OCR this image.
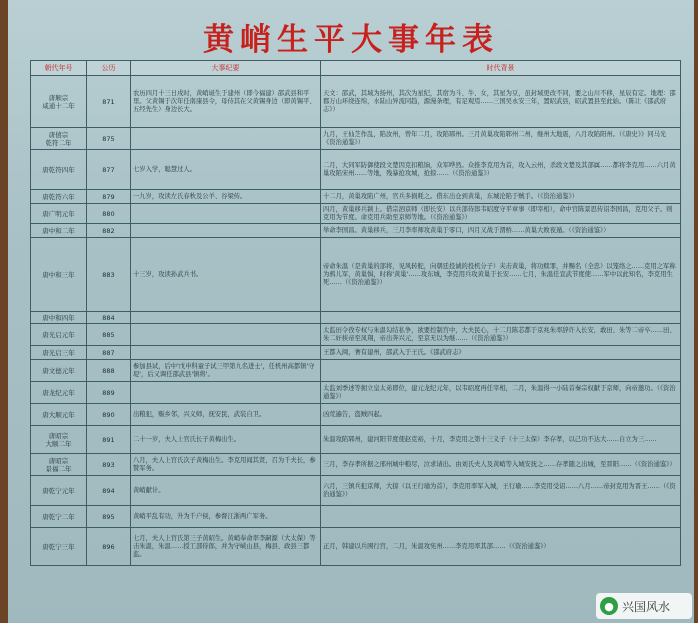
黄峭生平大事年表
朝代年号	公历	大事纪要	时代背景
唐顺宗
咸通十二年	871	农历四月十三日戌时，黄峭诞生于建州（即今福建）邵武县和平里。父黄锡于次年任南康县令，母侍其在父黄锡身边（即黄锡平、五经先生）身边长大。	天文：邵武，其域为扬州，其次为星纪，其宿为斗、牛、女，其星为豆，虽封域更改不同，要之山川不移，星辰有定。地理：邵郡万山环绕连绵，水陆山异流同趋，源漫条理，有足观焉……三国吴永安三年，置昭武县，昭武置县至此始。（陈让《邵武府志》）
唐僖宗
乾符二年	875		九月，王仙芝作乱，陷汝州，曾年二月，攻陷郓州。三月黄巢攻陷郓州二州，继州大地震，八月攻陷阳州。（《唐史》》同马光《资治通鉴》）
唐乾符四年	877	七岁入学，聪慧过人。	二月，大同军防御使段文楚因克扣粮饷，众军哗然。众推李克用为首，攻入云州，杀段文楚及其部属……都将李克用……六月黄巢攻陷宋州……等地，残暴抢攻城，抢掠……（《资治通鉴》）
唐乾符六年	879	一九岁，攻读左氏春秋及公羊、谷梁传。	十二月，黄巢攻陷广州，官兵多损耗之。借东出仓到黄巢，东城沦陷于贼手。（《资治通鉴》）
唐广明元年	880		四月，黄巢移兵颍上。借宗泗京师（即长安）以兵部侍郎韦昭度守平章事（即宰相），命中官陈景思传诏李国昌，克用父子。则克用为节度。命克用兵助至京师等地。（《资治通鉴》）
唐中和二年	882		举命李国昌。黄巢移兵，三月李率师攻黄巢于零口，四月又战于渭桥……黄巢大败夜遁。（《资治通鉴》）
唐中和三年	883	十三岁，攻读孙武兵书。	帝命朱温（是黄巢的部将，见风转舵，向朝廷投诚的投机分子）夹击黄巢，将功赎罪，并赐名（全忠）以笼络之……克用之军称为鸦儿军，黄巢惧，时称'黄巢'……攻东城，李克用兵攻黄巢于长安……七月，朱温任宣武节度使……军中以此知名，李克用生死……（《资治通鉴》）
唐中和四年	884		
唐光启元年	885		太监田令孜专权与朱温勾结私争，欲要控制宫中，大夫民心，十二月陈芯都于京兆朱率辞许入长安，敢田、朱等二帝卒……田、朱二奸挟帝至凤翔，帝出奔兴元，至京无以为继……（《资治通鉴》）
唐光启三年	887		王都入闽，奢有建州，邵武入于王氏。《邵武府志》
唐文德元年	888	参加县试，后中'戊申科童子试三甲第九名进士'，任机州高都镇'守堤'，后又调任邵武县'镇将'。	
唐龙纪元年	889		太监刘季述等拥立皇太弟即位，建元龙纪元年，以韦昭度再任宰相，二月，朱温得一小陆首秦宗权献于京师，向帝邀功。（《资治通鉴》）
唐大顺元年	890	出粮犯，赈乡邻，兴义师，抚安民，武装自卫。	凶荒遍告，盗贼四起。
唐昭宗
大顺二年	891	二十一岁，夫人上官氏长子黄梅出生。	朱温攻陷郓州，建河阳节度使赵克裕，十月，李克用之第十三义子（十三太保）李存孝，以己功不达大……自立为三……
唐昭宗
景福二年	893	八月，夫人上官氏次子黄梅出生。李克用闻其贤，召为千夫长，参赞军务。	三月，李存孝所据之邢州城中粮尽，泣求请出。由刘氏夫人及黄峭等入城安抚之……存孝随之出城，至晋阳……（《资治通鉴》）
唐乾宁元年	894	黄峭献计。	六月，三镇兵犯京师，大掠（以王行瑜为首），李克用率军入城，王行瑜……李克用受诏……八月……帝封克用为晋王……（《资治通鉴》）
唐乾宁二年	895	黄峭平乱有功，升为千户侯，参督江浙两广军务。	
唐乾宁三年	896	七月，夫人上官氏第三子黄昭生。黄峭奉命率李嗣源（大太保）等击朱温，朱温……授工部侍郎，并为守峡山县，梅县、政县三都监。	正月，韩建以兵围行宫，二月，朱温攻宪州……李克用率其部……（《资治通鉴》）
● 兴国风水
